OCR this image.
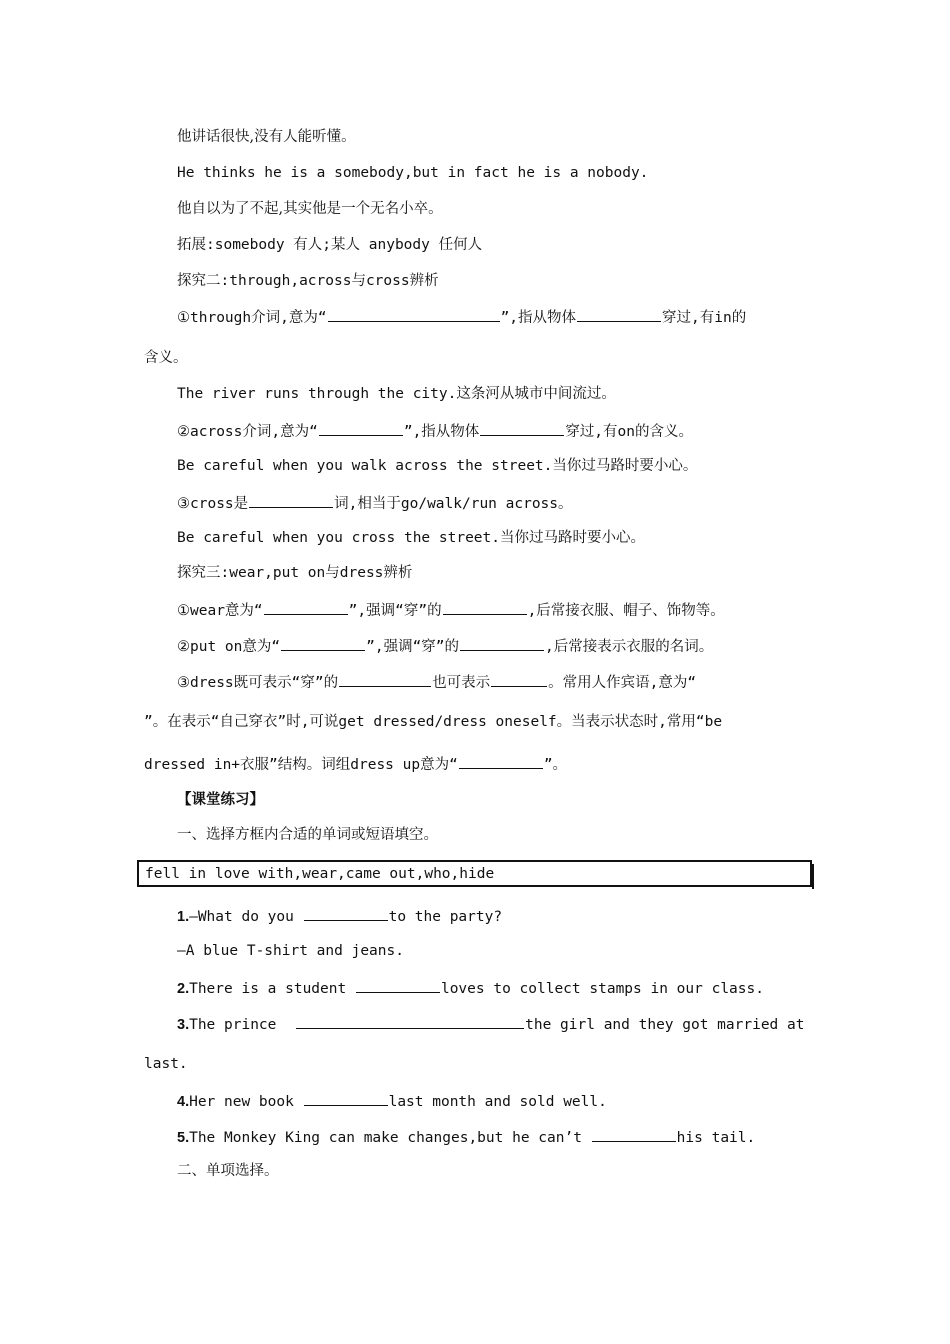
他讲话很快,没有人能听懂。
He thinks he is a somebody,but in fact he is a nobody.
他自以为了不起,其实他是一个无名小卒。
拓展:somebody 有人;某人 anybody 任何人
探究二:through,across与cross辨析
①through介词,意为“	”,指从物体	穿过,有in的
含义。
The river runs through the city.这条河从城市中间流过。
②across介词,意为“	”,指从物体	穿过,有on的含义。
Be careful when you walk across the street.当你过马路时要小心。
③cross是	词,相当于go/walk/run across。
Be careful when you cross the street.当你过马路时要小心。
探究三:wear,put on与dress辨析
①wear意为“	”,强调“穿”的	,后常接衣服、帽子、饰物等。
②put on意为“	”,强调“穿”的	,后常接表示衣服的名词。
③dress既可表示“穿”的	也可表示	。常用人作宾语,意为“
”。在表示“自己穿衣”时,可说get dressed/dress oneself。当表示状态时,常用“be
dressed in+衣服”结构。词组dress up意为“	”。
【课堂练习】
一、选择方框内合适的单词或短语填空。
fell in love with,wear,came out,who,hide
1.—What do you	to the party?
—A blue T-shirt and jeans.
2.There is a student	loves to collect stamps in our class.
3.The prince	the girl and they got married at
last.
4.Her new book	last month and sold well.
5.The Monkey King can make changes,but he can’t	his tail.
二、单项选择。
